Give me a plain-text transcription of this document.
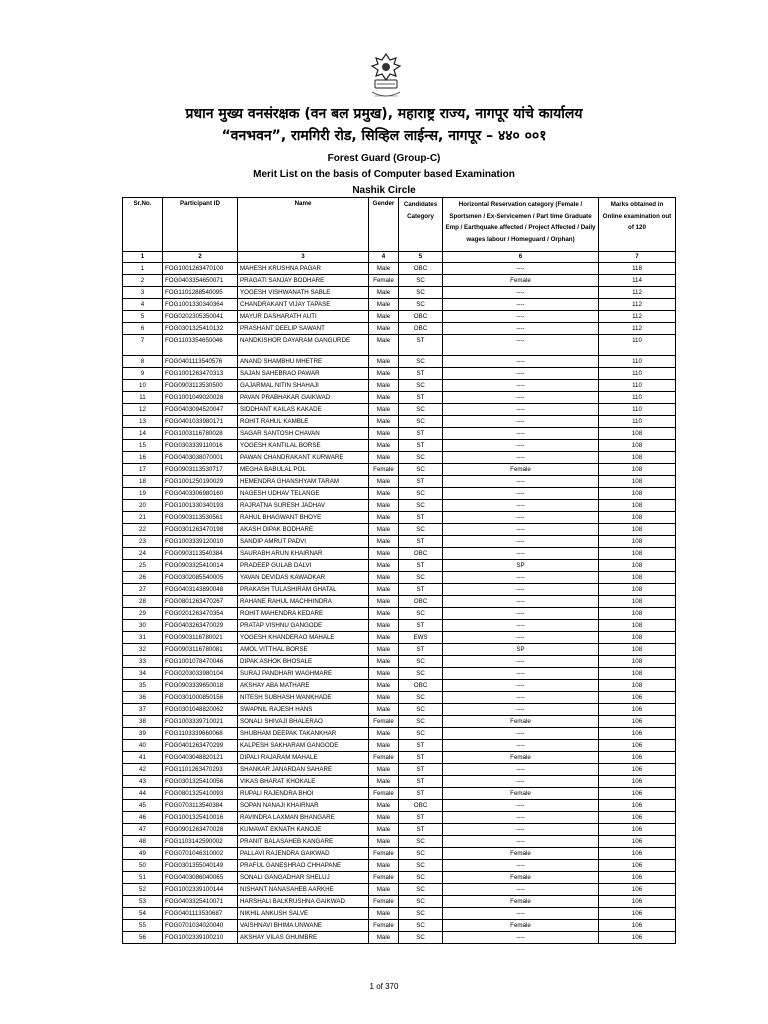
प्रधान मुख्य वनसंरक्षक (वन बल प्रमुख), महाराष्ट्र राज्य, नागपूर यांचे कार्यालय
“वनभवन”, रामगिरी रोड, सिव्हिल लाईन्स, नागपूर – ४४० ००१
Forest Guard (Group-C)
Merit List on the basis of Computer based Examination
Nashik Circle
Sr.No.	Participant ID	Name	Gender	Candidates Category	Horizontal Reservation category (Female / Sportsmen / Ex-Servicemen / Part time Graduate Emp / Earthquake affected / Project Affected / Daily wages labour / Homeguard / Orphan)	Marks obtained in Online examination out of 120
1	2	3	4	5	6	7
1	FOG1001263470100	MAHESH KRUSHNA PAGAR	Male	OBC	----	118
2	FOG0403354650071	PRAGATI SANJAY BODHARE	Female	SC	Female	114
3	FOG1101288540095	YOGESH VISHWANATH SABLE	Male	SC	----	112
4	FOG1001330340364	CHANDRAKANT VIJAY TAPASE	Male	SC	----	112
5	FOG0202305350041	MAYUR DASHARATH AUTI	Male	OBC	----	112
6	FOG0301325410132	PRASHANT DEELIP SAWANT	Male	OBC	----	112
7	FOG1103354650046	NANDKISHOR DAYARAM GANGURDE	Male	ST	----	110
8	FOG0401113540576	ANAND SHAMBHU MHETRE	Male	SC	----	110
9	FOG1001263470313	SAJAN SAHEBRAO PAWAR	Male	ST	----	110
10	FOG0903113530500	GAJARMAL NITIN SHAHAJI	Male	SC	----	110
11	FOG1001049020028	PAVAN PRABHAKAR GAIKWAD	Male	ST	----	110
12	FOG0403094520047	SIDDHANT KAILAS KAKADE	Male	SC	----	110
13	FOG0401033980171	ROHIT RAHUL KAMBLE	Male	SC	----	110
14	FOG1003116780028	SAGAR SANTOSH CHAVAN	Male	ST	----	108
15	FOG0303339110016	YOGESH KANTILAL BORSE	Male	ST	----	108
16	FOG0403038070001	PAWAN CHANDRAKANT KURWARE	Male	SC	----	108
17	FOG0903113530717	MEGHA BABULAL POL	Female	SC	Female	108
18	FOG1001250190029	HEMENDRA GHANSHYAM TARAM	Male	ST	----	108
19	FOG0403306980160	NAGESH UDHAV TELANGE	Male	SC	----	108
20	FOG1001330340193	RAJRATNA SURESH JADHAV	Male	SC	----	108
21	FOG0903113530561	RAHUL BHAGWANT BHOYE	Male	ST	----	108
22	FOG0301263470198	AKASH DIPAK BODHARE	Male	SC	----	108
23	FOG1003339120010	SANDIP AMRUT PADVI	Male	ST	----	108
24	FOG0903113540384	SAURABH ARUN KHAIRNAR	Male	OBC	----	108
25	FOG0903325410014	PRADEEP GULAB DALVI	Male	ST	SP	108
26	FOG0302085540005	YAVAN DEVIDAS KAWADKAR	Male	SC	----	108
27	FOG0403143890048	PRAKASH TULASHIRAM GHATAL	Male	ST	----	108
28	FOG0801263470267	RAHANE RAHUL MACHHINDRA	Male	OBC	----	108
29	FOG0201263470354	ROHIT MAHENDRA KEDARE	Male	SC	----	108
30	FOG0403263470029	PRATAP VISHNU GANGODE	Male	ST	----	108
31	FOG0903116780021	YOGESH KHANDERAO MAHALE	Male	EWS	----	108
32	FOG0903116780081	AMOL VITTHAL BORSE	Male	ST	SP	108
33	FOG1001078470046	DIPAK ASHOK BHOSALE	Male	SC	----	108
34	FOG0203033980104	SURAJ PANDHARI WAGHMARE	Male	SC	----	108
35	FOG0903339650018	AKSHAY ABA MATHARE	Male	OBC	----	108
36	FOG0301000850156	NITESH SUBHASH WANKHADE	Male	SC	----	106
37	FOG0301048820062	SWAPNIL RAJESH HANS	Male	SC	----	106
38	FOG1003339710021	SONALI SHIVAJI BHALERAO	Female	SC	Female	106
39	FOG1103339660068	SHUBHAM DEEPAK TAKANKHAR	Male	SC	----	106
40	FOG0401263470299	KALPESH SAKHARAM GANGODE	Male	ST	----	106
41	FOG0403048820121	DIPALI RAJARAM MAHALE	Female	ST	Female	106
42	FOG1101263470293	SHANKAR JANARDAN SAHARE	Male	ST	----	106
43	FOG0301325410056	VIKAS BHARAT KHOKALE	Male	ST	----	106
44	FOG0801325410093	RUPALI RAJENDRA BHOI	Female	ST	Female	106
45	FOG0703113540384	SOPAN NANAJI KHAIRNAR	Male	OBC	----	106
46	FOG1001325410016	RAVINDRA LAXMAN BHANGARE	Male	ST	----	106
47	FOG0901263470028	KUMAVAT EKNATH KANOJE	Male	ST	----	106
48	FOG1103142590002	PRANIT BALASAHEB KANGARE	Male	SC	----	106
49	FOG0701046310002	PALLAVI RAJENDRA GAIKWAD	Female	SC	Female	106
50	FOG0301355040149	PRAFUL GANESHRAO CHHAPANE	Male	SC	----	106
51	FOG0403086040065	SONALI GANGADHAR SHELUJ	Female	SC	Female	106
52	FOG1002339100144	NISHANT NANASAHEB AARKHE	Male	SC	----	106
53	FOG0403325410071	HARSHALI BALKRUSHNA GAIKWAD	Female	SC	Female	106
54	FOG0401113530687	NIKHIL ANKUSH SALVE	Male	SC	----	106
55	FOG0701034020040	VAISHNAVI BHIMA UNWANE	Female	SC	Female	106
56	FOG1002339100210	AKSHAY VILAS GHUMBRE	Male	SC	----	106
1 of 370
